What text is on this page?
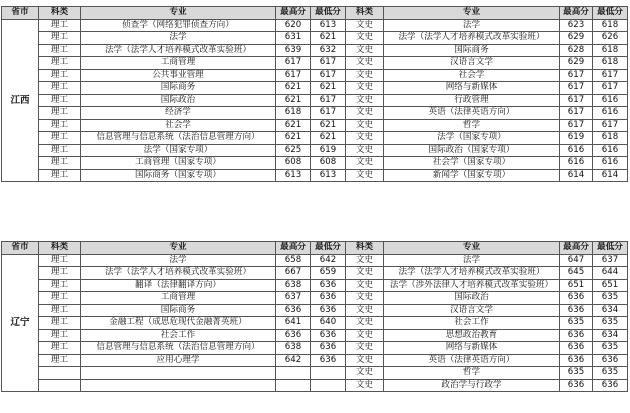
省市	科类	专业	最高分	最低分	科类	专业	最高分	最低分
江西	理工	侦查学（网络犯罪侦查方向）	620	613	文史	法学	623	618
	理工	法学	631	621	文史	法学（法学人才培养模式改革实验班）	629	626
	理工	法学（法学人才培养模式改革实验班）	639	632	文史	国际商务	628	618
	理工	工商管理	617	617	文史	汉语言文学	629	618
	理工	公共事业管理	617	617	文史	社会学	617	617
	理工	国际商务	621	621	文史	网络与新媒体	617	617
	理工	国际政治	621	617	文史	行政管理	617	616
	理工	经济学	618	617	文史	英语（法律英语方向）	617	616
	理工	社会学	621	621	文史	哲学	617	617
	理工	信息管理与信息系统（法治信息管理方向）	621	621	文史	法学（国家专项）	619	618
	理工	法学（国家专项）	625	619	文史	国际政治（国家专项）	616	616
	理工	工商管理（国家专项）	608	608	文史	社会学（国家专项）	616	616
	理工	国际商务（国家专项）	613	613	文史	新闻学（国家专项）	614	614
省市	科类	专业	最高分	最低分	科类	专业	最高分	最低分
辽宁	理工	法学	658	642	文史	法学	647	637
	理工	法学（法学人才培养模式改革实验班）	667	659	文史	法学（法学人才培养模式改革实验班）	645	644
	理工	翻译（法律翻译方向）	638	636	文史	法学（涉外法律人才培养模式改革实验班）	651	651
	理工	工商管理	637	636	文史	国际政治	636	635
	理工	国际商务	636	636	文史	汉语言文学	636	634
	理工	金融工程（成思危现代金融菁英班）	641	640	文史	社会工作	635	635
	理工	社会工作	636	636	文史	思想政治教育	636	634
	理工	信息管理与信息系统（法治信息管理方向）	638	636	文史	网络与新媒体	636	635
	理工	应用心理学	642	636	文史	英语（法律英语方向）	636	636
					文史	哲学	635	635
					文史	政治学与行政学	636	636
